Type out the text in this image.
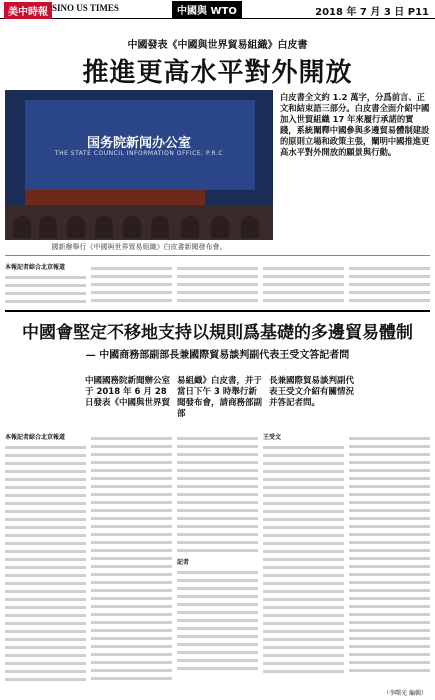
美中時報 SINO US TIMES	中國與 WTO	2018 年 7 月 3 日 P11
中國發表《中國與世界貿易組織》白皮書
推進更高水平對外開放
国务院新闻办公室
THE STATE COUNCIL INFORMATION OFFICE, P.R.C
國新辦舉行《中國與世界貿易組織》白皮書新聞發布會。

白皮書全文約 1.2 萬字，分爲前言、正文和結束語三部分。白皮書全面介紹中國加入世貿組織 17 年來履行承諾的實踐，系統闡釋中國參與多邊貿易體制建設的原則立場和政策主張，闡明中國推進更高水平對外開放的願景與行動。

本報記者綜合北京報道
中國會堅定不移地支持以規則爲基礎的多邊貿易體制
— 中國商務部副部長兼國際貿易談判副代表王受文答記者問
中國國務院新聞辦公室于 2018 年 6 月 28 日發表《中國與世界貿
易組織》白皮書，并于當日下午 3 時舉行新聞發布會，請商務部副部
長兼國際貿易談判副代表王受文介紹有關情況并答記者問。
本報記者綜合北京報道
記者
王受文
（李曙光 編輯）
